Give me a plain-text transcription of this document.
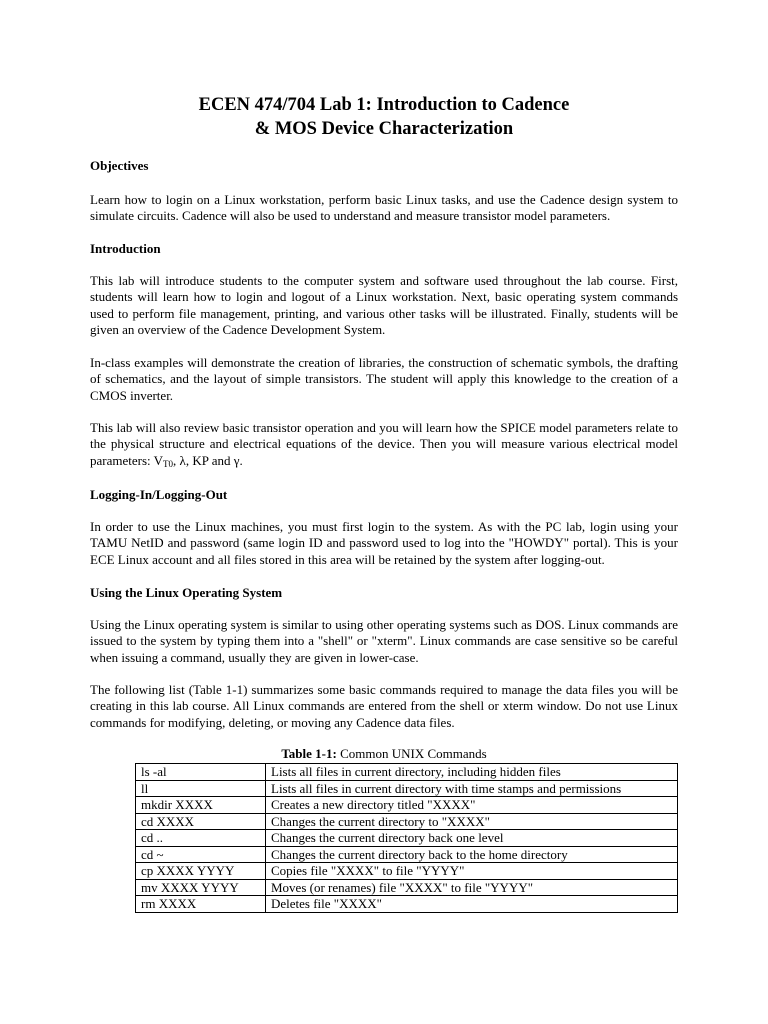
ECEN 474/704 Lab 1: Introduction to Cadence
& MOS Device Characterization
Objectives
Learn how to login on a Linux workstation, perform basic Linux tasks, and use the Cadence design system to simulate circuits. Cadence will also be used to understand and measure transistor model parameters.
Introduction
This lab will introduce students to the computer system and software used throughout the lab course. First, students will learn how to login and logout of a Linux workstation. Next, basic operating system commands used to perform file management, printing, and various other tasks will be illustrated. Finally, students will be given an overview of the Cadence Development System.
In-class examples will demonstrate the creation of libraries, the construction of schematic symbols, the drafting of schematics, and the layout of simple transistors. The student will apply this knowledge to the creation of a CMOS inverter.
This lab will also review basic transistor operation and you will learn how the SPICE model parameters relate to the physical structure and electrical equations of the device. Then you will measure various electrical model parameters: $V_{T0}$, λ, KP and γ.
Logging-In/Logging-Out
In order to use the Linux machines, you must first login to the system. As with the PC lab, login using your TAMU NetID and password (same login ID and password used to log into the "HOWDY" portal). This is your ECE Linux account and all files stored in this area will be retained by the system after logging-out.
Using the Linux Operating System
Using the Linux operating system is similar to using other operating systems such as DOS. Linux commands are issued to the system by typing them into a "shell" or "xterm". Linux commands are case sensitive so be careful when issuing a command, usually they are given in lower-case.
The following list (Table 1-1) summarizes some basic commands required to manage the data files you will be creating in this lab course. All Linux commands are entered from the shell or xterm window. Do not use Linux commands for modifying, deleting, or moving any Cadence data files.
Table 1-1: Common UNIX Commands
ls -al	Lists all files in current directory, including hidden files
ll	Lists all files in current directory with time stamps and permissions
mkdir XXXX	Creates a new directory titled "XXXX"
cd XXXX	Changes the current directory to "XXXX"
cd ..	Changes the current directory back one level
cd ~	Changes the current directory back to the home directory
cp XXXX YYYY	Copies file "XXXX" to file "YYYY"
mv XXXX YYYY	Moves (or renames) file "XXXX" to file "YYYY"
rm XXXX	Deletes file "XXXX"
